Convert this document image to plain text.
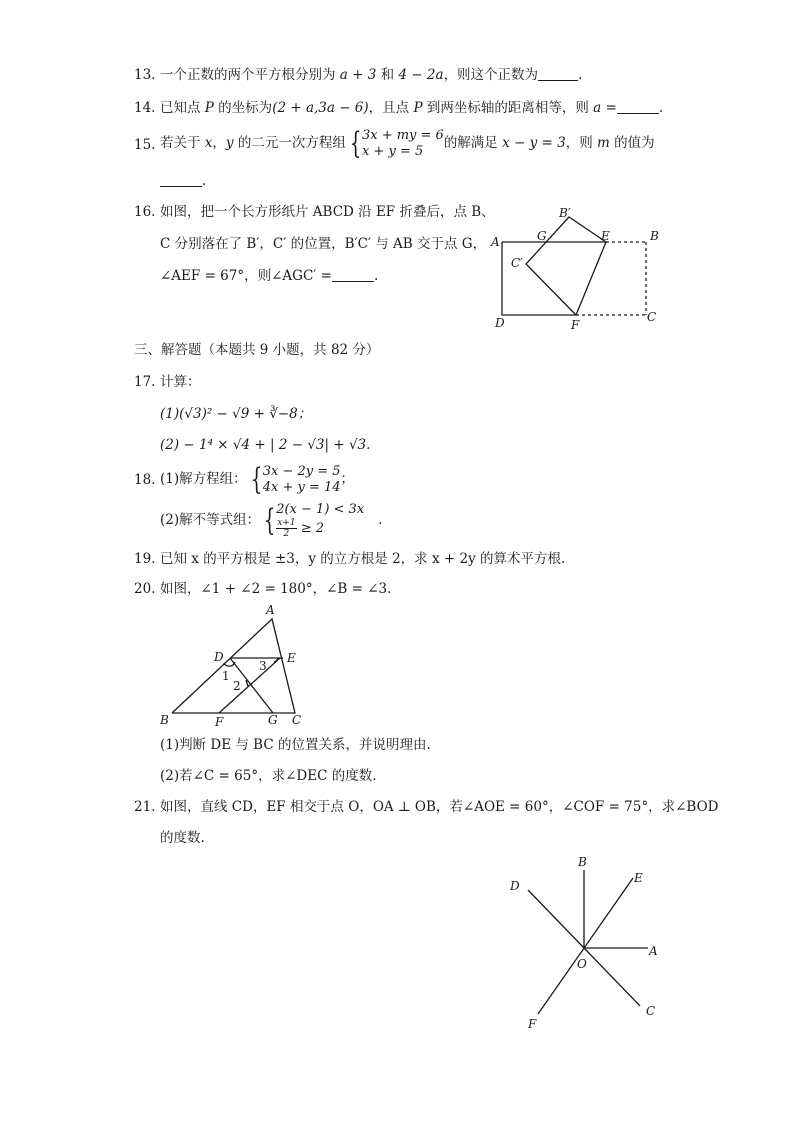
13. 一个正数的两个平方根分别为 a + 3 和 4 − 2a，则这个正数为	.
14. 已知点 P 的坐标为(2 + a,3a − 6)，且点 P 到两坐标轴的距离相等，则 a =	.
15. 若关于 x，y 的二元一次方程组 { 3x + my = 6
x + y = 5	的解满足 x − y = 3，则 m 的值为
.
16. 如图，把一个长方形纸片 ABCD 沿 EF 折叠后，点 B、
C 分别落在了 B′，C′ 的位置，B′C′ 与 AB 交于点 G，
∠AEF = 67°，则∠AGC′ =	.
A	B
C
D
E
F
G
B′
C′
三、解答题（本题共 9 小题，共 82 分）
17. 计算：
(1)(√3)² − √9 + ∛−8；
(2) − 1⁴ × √4 + | 2 − √3| + √3.
18. (1)解方程组： { 3x − 2y = 5
4x + y = 14 ；
(2)解不等式组： { 2(x − 1) < 3x
$\frac{x+1}{2} \ge 2$
.
19. 已知 x 的平方根是 ±3，y 的立方根是 2，求 x + 2y 的算术平方根.
20. 如图，∠1 + ∠2 = 180°，∠B = ∠3.
A
B	C
D	E
F	G
1
2
3
(1)判断 DE 与 BC 的位置关系，并说明理由.
(2)若∠C = 65°，求∠DEC 的度数.
21. 如图，直线 CD，EF 相交于点 O，OA ⊥ OB，若∠AOE = 60°，∠COF = 75°，求∠BOD
的度数.
B
E
D
A
O
C
F
